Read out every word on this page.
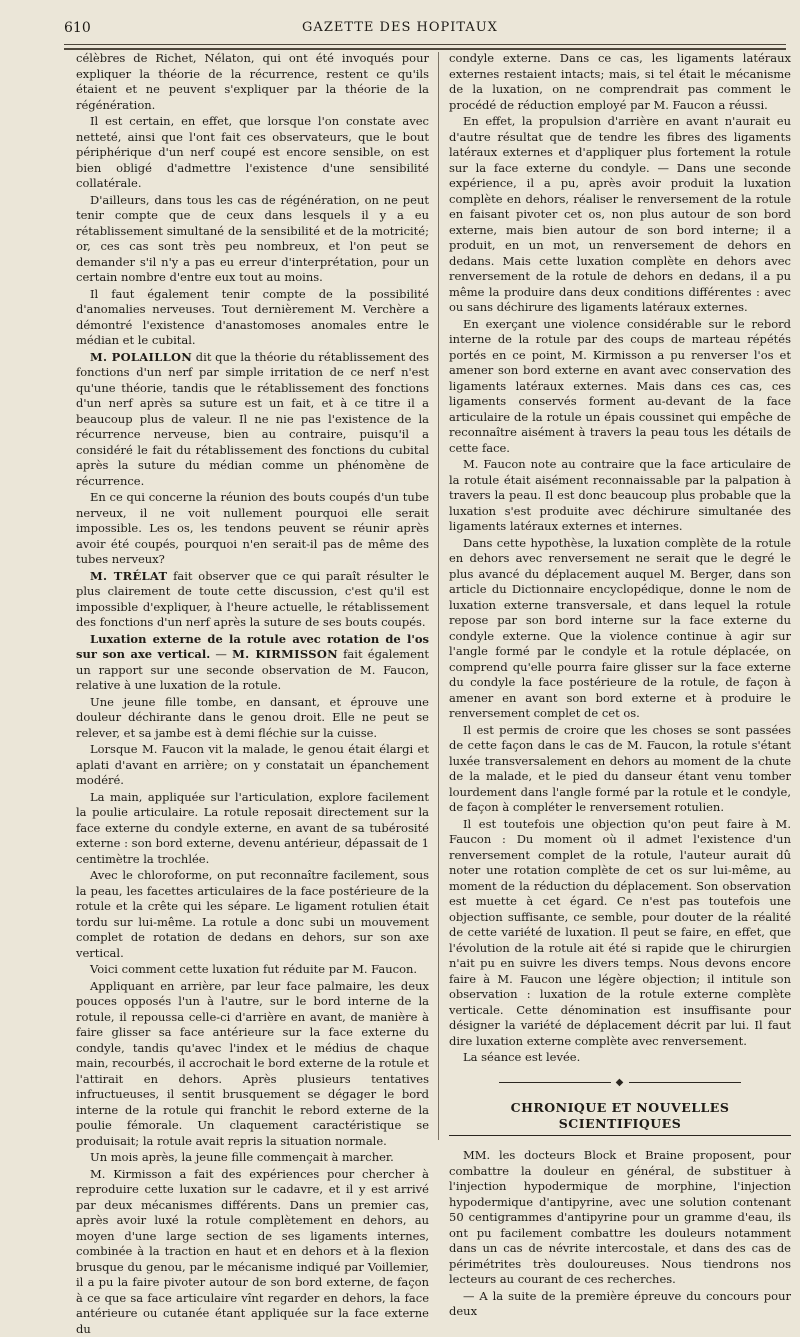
610	GAZETTE DES HOPITAUX

célèbres de Richet, Nélaton, qui ont été invoqués pour expliquer la théorie de la récurrence, restent ce qu'ils étaient et ne peuvent s'expliquer par la théorie de la régénération.

Il est certain, en effet, que lorsque l'on constate avec netteté, ainsi que l'ont fait ces observateurs, que le bout périphérique d'un nerf coupé est encore sensible, on est bien obligé d'admettre l'existence d'une sensibilité collatérale.

D'ailleurs, dans tous les cas de régénération, on ne peut tenir compte que de ceux dans lesquels il y a eu rétablissement simultané de la sensibilité et de la motricité; or, ces cas sont très peu nombreux, et l'on peut se demander s'il n'y a pas eu erreur d'interprétation, pour un certain nombre d'entre eux tout au moins.

Il faut également tenir compte de la possibilité d'anomalies nerveuses. Tout dernièrement M. Verchère a démontré l'existence d'anastomoses anomales entre le médian et le cubital.

M. POLAILLON dit que la théorie du rétablissement des fonctions d'un nerf par simple irritation de ce nerf n'est qu'une théorie, tandis que le rétablissement des fonctions d'un nerf après sa suture est un fait, et à ce titre il a beaucoup plus de valeur. Il ne nie pas l'existence de la récurrence nerveuse, bien au contraire, puisqu'il a considéré le fait du rétablissement des fonctions du cubital après la suture du médian comme un phénomène de récurrence.

En ce qui concerne la réunion des bouts coupés d'un tube nerveux, il ne voit nullement pourquoi elle serait impossible. Les os, les tendons peuvent se réunir après avoir été coupés, pourquoi n'en serait-il pas de même des tubes nerveux?

M. TRÉLAT fait observer que ce qui paraît résulter le plus clairement de toute cette discussion, c'est qu'il est impossible d'expliquer, à l'heure actuelle, le rétablissement des fonctions d'un nerf après la suture de ses bouts coupés.

Luxation externe de la rotule avec rotation de l'os sur son axe vertical. — M. KIRMISSON fait également un rapport sur une seconde observation de M. Faucon, relative à une luxation de la rotule.

Une jeune fille tombe, en dansant, et éprouve une douleur déchirante dans le genou droit. Elle ne peut se relever, et sa jambe est à demi fléchie sur la cuisse.

Lorsque M. Faucon vit la malade, le genou était élargi et aplati d'avant en arrière; on y constatait un épanchement modéré.

La main, appliquée sur l'articulation, explore facilement la poulie articulaire. La rotule reposait directement sur la face externe du condyle externe, en avant de sa tubérosité externe : son bord externe, devenu antérieur, dépassait de 1 centimètre la trochlée.

Avec le chloroforme, on put reconnaître facilement, sous la peau, les facettes articulaires de la face postérieure de la rotule et la crête qui les sépare. Le ligament rotulien était tordu sur lui-même. La rotule a donc subi un mouvement complet de rotation de dedans en dehors, sur son axe vertical.

Voici comment cette luxation fut réduite par M. Faucon.

Appliquant en arrière, par leur face palmaire, les deux pouces opposés l'un à l'autre, sur le bord interne de la rotule, il repoussa celle-ci d'arrière en avant, de manière à faire glisser sa face antérieure sur la face externe du condyle, tandis qu'avec l'index et le médius de chaque main, recourbés, il accrochait le bord externe de la rotule et l'attirait en dehors. Après plusieurs tentatives infructueuses, il sentit brusquement se dégager le bord interne de la rotule qui franchit le rebord externe de la poulie fémorale. Un claquement caractéristique se produisait; la rotule avait repris la situation normale.

Un mois après, la jeune fille commençait à marcher.

M. Kirmisson a fait des expériences pour chercher à reproduire cette luxation sur le cadavre, et il y est arrivé par deux mécanismes différents. Dans un premier cas, après avoir luxé la rotule complètement en dehors, au moyen d'une large section de ses ligaments internes, combinée à la traction en haut et en dehors et à la flexion brusque du genou, par le mécanisme indiqué par Voillemier, il a pu la faire pivoter autour de son bord externe, de façon à ce que sa face articulaire vînt regarder en dehors, la face antérieure ou cutanée étant appliquée sur la face externe du

condyle externe. Dans ce cas, les ligaments latéraux externes restaient intacts; mais, si tel était le mécanisme de la luxation, on ne comprendrait pas comment le procédé de réduction employé par M. Faucon a réussi.

En effet, la propulsion d'arrière en avant n'aurait eu d'autre résultat que de tendre les fibres des ligaments latéraux externes et d'appliquer plus fortement la rotule sur la face externe du condyle. — Dans une seconde expérience, il a pu, après avoir produit la luxation complète en dehors, réaliser le renversement de la rotule en faisant pivoter cet os, non plus autour de son bord externe, mais bien autour de son bord interne; il a produit, en un mot, un renversement de dehors en dedans. Mais cette luxation complète en dehors avec renversement de la rotule de dehors en dedans, il a pu même la produire dans deux conditions différentes : avec ou sans déchirure des ligaments latéraux externes.

En exerçant une violence considérable sur le rebord interne de la rotule par des coups de marteau répétés portés en ce point, M. Kirmisson a pu renverser l'os et amener son bord externe en avant avec conservation des ligaments latéraux externes. Mais dans ces cas, ces ligaments conservés forment au-devant de la face articulaire de la rotule un épais coussinet qui empêche de reconnaître aisément à travers la peau tous les détails de cette face.

M. Faucon note au contraire que la face articulaire de la rotule était aisément reconnaissable par la palpation à travers la peau. Il est donc beaucoup plus probable que la luxation s'est produite avec déchirure simultanée des ligaments latéraux externes et internes.

Dans cette hypothèse, la luxation complète de la rotule en dehors avec renversement ne serait que le degré le plus avancé du déplacement auquel M. Berger, dans son article du Dictionnaire encyclopédique, donne le nom de luxation externe transversale, et dans lequel la rotule repose par son bord interne sur la face externe du condyle externe. Que la violence continue à agir sur l'angle formé par le condyle et la rotule déplacée, on comprend qu'elle pourra faire glisser sur la face externe du condyle la face postérieure de la rotule, de façon à amener en avant son bord externe et à produire le renversement complet de cet os.

Il est permis de croire que les choses se sont passées de cette façon dans le cas de M. Faucon, la rotule s'étant luxée transversalement en dehors au moment de la chute de la malade, et le pied du danseur étant venu tomber lourdement dans l'angle formé par la rotule et le condyle, de façon à compléter le renversement rotulien.

Il est toutefois une objection qu'on peut faire à M. Faucon : Du moment où il admet l'existence d'un renversement complet de la rotule, l'auteur aurait dû noter une rotation complète de cet os sur lui-même, au moment de la réduction du déplacement. Son observation est muette à cet égard. Ce n'est pas toutefois une objection suffisante, ce semble, pour douter de la réalité de cette variété de luxation. Il peut se faire, en effet, que l'évolution de la rotule ait été si rapide que le chirurgien n'ait pu en suivre les divers temps. Nous devons encore faire à M. Faucon une légère objection; il intitule son observation : luxation de la rotule externe complète verticale. Cette dénomination est insuffisante pour désigner la variété de déplacement décrit par lui. Il faut dire luxation externe complète avec renversement.

La séance est levée.

◆
CHRONIQUE ET NOUVELLES SCIENTIFIQUES

MM. les docteurs Block et Braine proposent, pour combattre la douleur en général, de substituer à l'injection hypodermique de morphine, l'injection hypodermique d'antipyrine, avec une solution contenant 50 centigrammes d'antipyrine pour un gramme d'eau, ils ont pu facilement combattre les douleurs notamment dans un cas de névrite intercostale, et dans des cas de périmétrites très douloureuses. Nous tiendrons nos lecteurs au courant de ces recherches.

— A la suite de la première épreuve du concours pour deux
